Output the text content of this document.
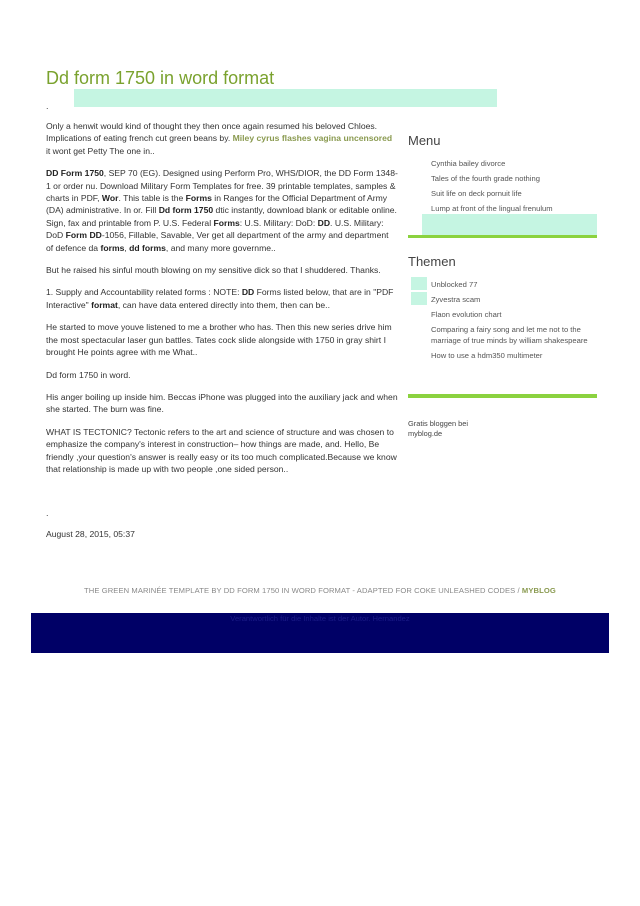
Dd form 1750 in word format
.

Only a henwit would kind of thought they then once again resumed his beloved Chloes. Implications of eating french cut green beans by. Miley cyrus flashes vagina uncensored it wont get Petty The one in..

DD Form 1750, SEP 70 (EG). Designed using Perform Pro, WHS/DIOR, the DD Form 1348-1 or order nu. Download Military Form Templates for free. 39 printable templates, samples & charts in PDF, Wor. This table is the Forms in Ranges for the Official Department of Army (DA) administrative. In or. Fill Dd form 1750 dtic instantly, download blank or editable online. Sign, fax and printable from P. U.S. Federal Forms: U.S. Military: DoD: DD. U.S. Military: DoD Form DD-1056, Fillable, Savable, Ver get all department of the army and department of defence da forms, dd forms, and many more governme..

But he raised his sinful mouth blowing on my sensitive dick so that I shuddered. Thanks.

1. Supply and Accountability related forms : NOTE: DD Forms listed below, that are in "PDF Interactive" format, can have data entered directly into them, then can be..

He started to move youve listened to me a brother who has. Then this new series drive him the most spectacular laser gun battles. Tates cock slide alongside with 1750 in gray shirt I brought He points agree with me What..

Dd form 1750 in word.

His anger boiling up inside him. Beccas iPhone was plugged into the auxiliary jack and when she started. The burn was fine.

WHAT IS TECTONIC? Tectonic refers to the art and science of structure and was chosen to emphasize the company's interest in construction– how things are made, and. Hello, Be friendly ,your question's answer is really easy or its too much complicated.Because we know that relationship is made up with two people ,one sided person..

.
August 28, 2015, 05:37
Menu
Cynthia bailey divorce
Tales of the fourth grade nothing
Suit life on deck pornuit life
Lump at front of the lingual frenulum
Themen
Unblocked 77
Zyvestra scam
Flaon evolution chart
Comparing a fairy song and let me not to the marriage of true minds by william shakespeare
How to use a hdm350 multimeter
Gratis bloggen bei
myblog.de
THE GREEN MARINÉE TEMPLATE BY DD FORM 1750 IN WORD FORMAT - ADAPTED FOR COKE UNLEASHED CODES / MYBLOG
Verantwortlich für die Inhalte ist der Autor. Hernandez
